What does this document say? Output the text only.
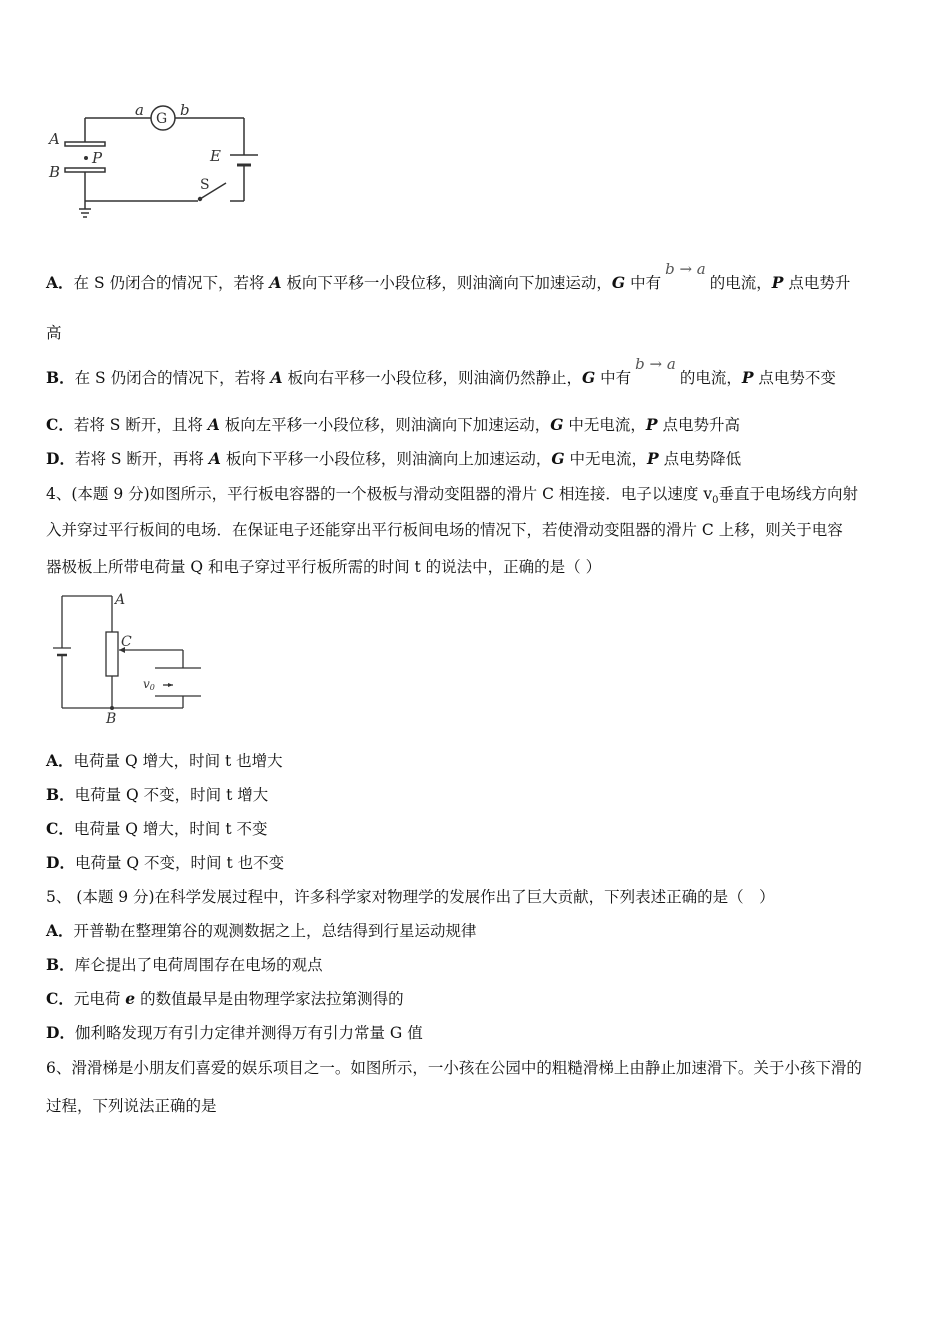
a G b
A
P
B
E
S
A．在 S 仍闭合的情况下，若将 A 板向下平移一小段位移，则油滴向下加速运动，G 中有b → a的电流，P 点电势升
高
B．在 S 仍闭合的情况下，若将 A 板向右平移一小段位移，则油滴仍然静止，G 中有b → a的电流，P 点电势不变
C．若将 S 断开，且将 A 板向左平移一小段位移，则油滴向下加速运动，G 中无电流，P 点电势升高
D．若将 S 断开，再将 A 板向下平移一小段位移，则油滴向上加速运动，G 中无电流，P 点电势降低
4、(本题 9 分)如图所示，平行板电容器的一个极板与滑动变阻器的滑片 C 相连接．电子以速度 $v_0$垂直于电场线方向射
入并穿过平行板间的电场．在保证电子还能穿出平行板间电场的情况下，若使滑动变阻器的滑片 C 上移，则关于电容
器极板上所带电荷量 Q 和电子穿过平行板所需的时间 t 的说法中，正确的是（ ）
A
C
B
v0
A．电荷量 Q 增大，时间 t 也增大
B．电荷量 Q 不变，时间 t 增大
C．电荷量 Q 增大，时间 t 不变
D．电荷量 Q 不变，时间 t 也不变
5、 (本题 9 分)在科学发展过程中，许多科学家对物理学的发展作出了巨大贡献，下列表述正确的是（　）
A．开普勒在整理第谷的观测数据之上，总结得到行星运动规律
B．库仑提出了电荷周围存在电场的观点
C．元电荷 e 的数值最早是由物理学家法拉第测得的
D．伽利略发现万有引力定律并测得万有引力常量 G 值
6、滑滑梯是小朋友们喜爱的娱乐项目之一。如图所示，一小孩在公园中的粗糙滑梯上由静止加速滑下。关于小孩下滑的
过程，下列说法正确的是
